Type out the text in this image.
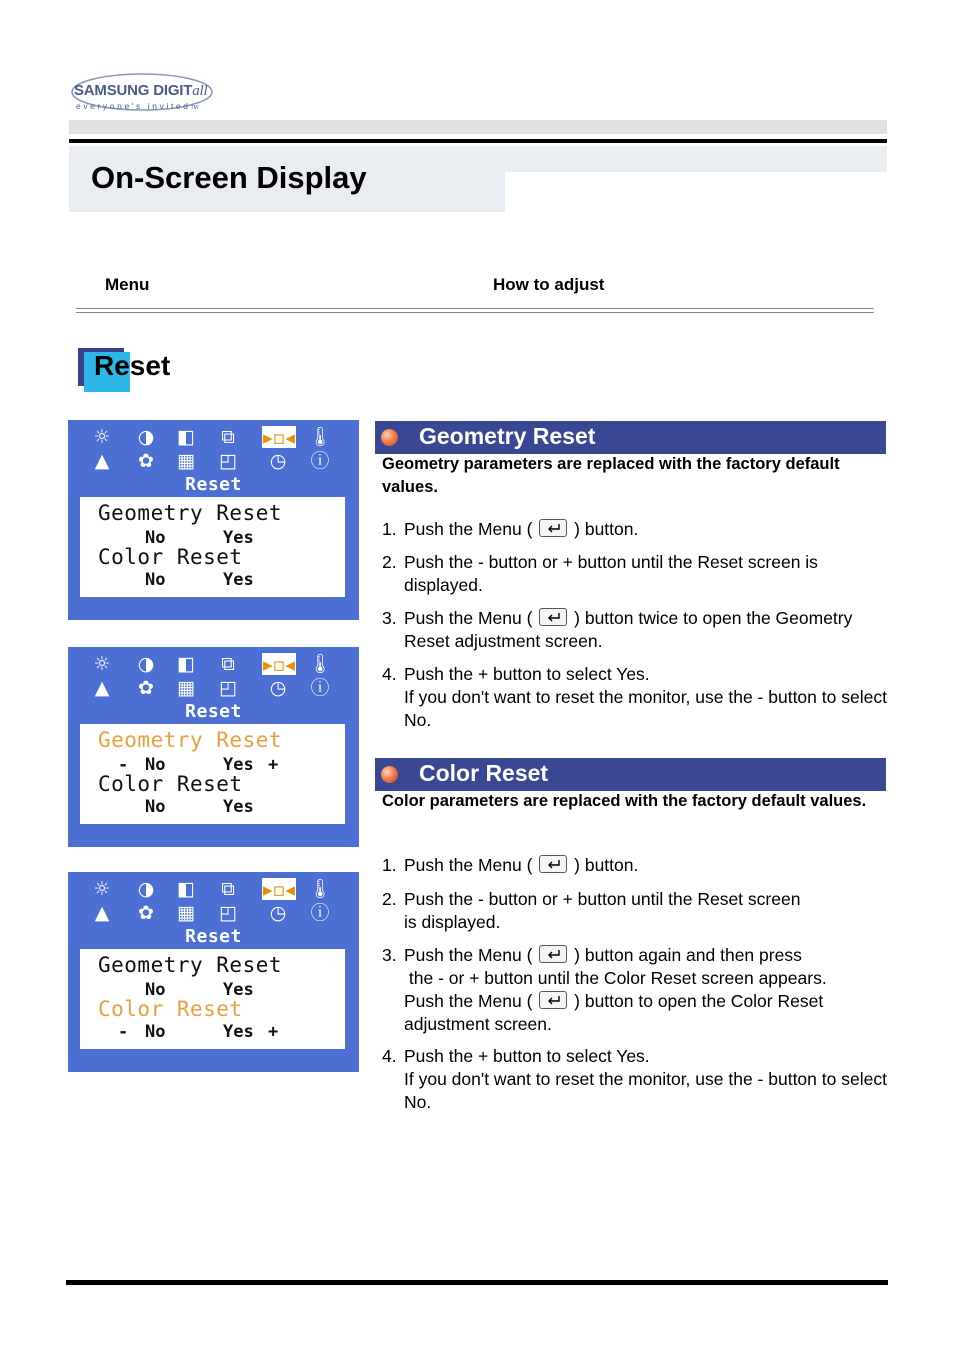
SAMSUNG DIGITall
everyone's invitedTM
On-Screen Display
Menu	How to adjust
Reset
☼ ◑ ◧ ⧉ ▸▫◂ 🌡
▲ ✿ ▦ ◰ ◷ ⓘ
Reset
Geometry Reset
No	Yes
Color Reset
No	Yes
☼ ◑ ◧ ⧉ ▸▫◂ 🌡
▲ ✿ ▦ ◰ ◷ ⓘ
Reset
Geometry Reset
- No	Yes +
Color Reset
No	Yes
☼ ◑ ◧ ⧉ ▸▫◂ 🌡
▲ ✿ ▦ ◰ ◷ ⓘ
Reset
Geometry Reset
No	Yes
Color Reset
- No	Yes +
Geometry Reset
Geometry parameters are replaced with the factory default values.
1. Push the Menu ( ) button.
2. Push the - button or + button until the Reset screen is displayed.
3. Push the Menu ( ) button twice to open the Geometry Reset adjustment screen.
4. Push the + button to select Yes.
If you don't want to reset the monitor, use the - button to select No.
Color Reset
Color parameters are replaced with the factory default values.
1. Push the Menu ( ) button.
2. Push the - button or + button until the Reset screen
is displayed.
3. Push the Menu ( ) button again and then press
the - or + button until the Color Reset screen appears.
Push the Menu ( ) button to open the Color Reset adjustment screen.
4. Push the + button to select Yes.
If you don't want to reset the monitor, use the - button to select No.
